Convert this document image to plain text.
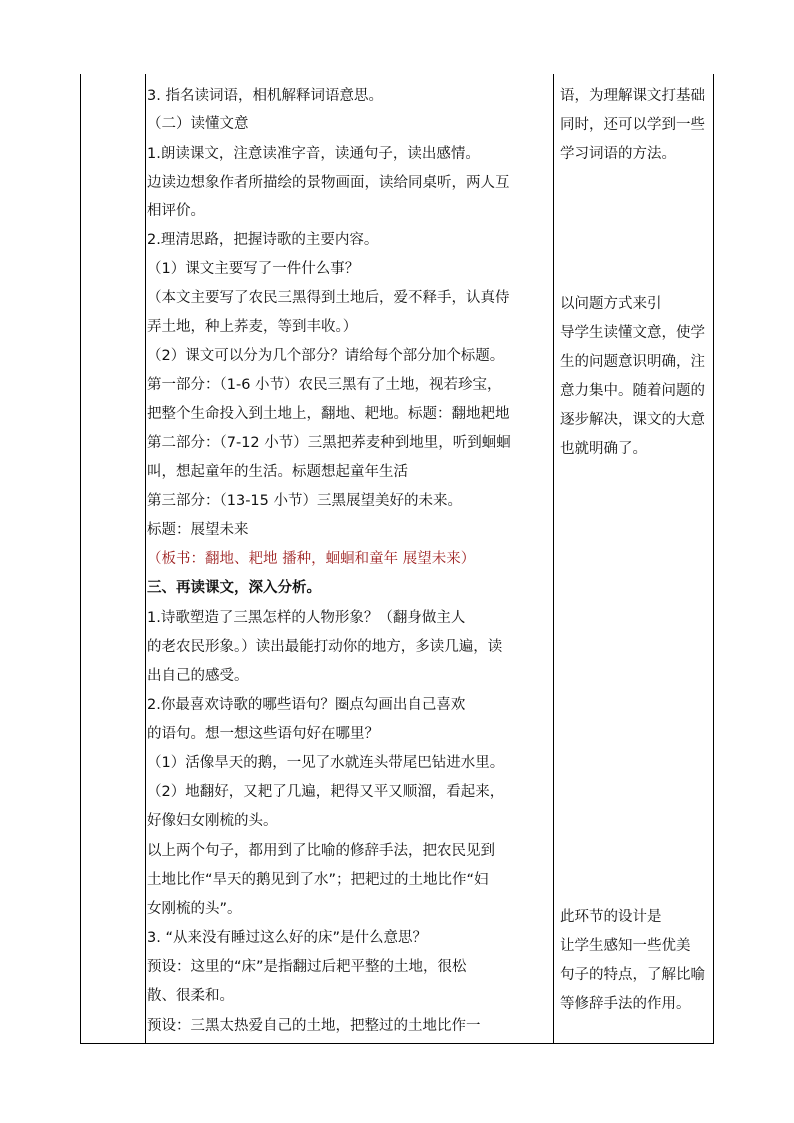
3. 指名读词语，相机解释词语意思。
（二）读懂文意
1.朗读课文，注意读准字音，读通句子，读出感情。
边读边想象作者所描绘的景物画面，读给同桌听，两人互
相评价。
2.理清思路，把握诗歌的主要内容。
（1）课文主要写了一件什么事？
（本文主要写了农民三黑得到土地后，爱不释手，认真侍
弄土地，种上荞麦，等到丰收。）
（2）课文可以分为几个部分？请给每个部分加个标题。
第一部分：（1-6 小节）农民三黑有了土地，视若珍宝，
把整个生命投入到土地上，翻地、耙地。标题：翻地耙地
第二部分：（7-12 小节）三黑把荞麦种到地里，听到蛔蛔
叫，想起童年的生活。标题想起童年生活
第三部分：（13-15 小节）三黑展望美好的未来。
标题：展望未来
（板书：翻地、耙地 播种，蛔蛔和童年 展望未来）
三、再读课文，深入分析。
1.诗歌塑造了三黑怎样的人物形象？（翻身做主人
的老农民形象。）读出最能打动你的地方，多读几遍，读
出自己的感受。
2.你最喜欢诗歌的哪些语句？圈点勾画出自己喜欢
的语句。想一想这些语句好在哪里？
（1）活像旱天的鹅，一见了水就连头带尾巴钻进水里。
（2）地翻好，又耙了几遍，耙得又平又顺溜，看起来，
好像妇女刚梳的头。
以上两个句子，都用到了比喻的修辞手法，把农民见到
土地比作“旱天的鹅见到了水”；把耙过的土地比作“妇
女刚梳的头”。
3. “从来没有睡过这么好的床”是什么意思？
预设：这里的“床”是指翻过后耙平整的土地，很松
散、很柔和。
预设：三黑太热爱自己的土地，把整过的土地比作一
语，为理解课文打基础
同时，还可以学到一些
学习词语的方法。
以问题方式来引
导学生读懂文意，使学
生的问题意识明确，注
意力集中。随着问题的
逐步解决，课文的大意
也就明确了。
此环节的设计是
让学生感知一些优美
句子的特点，了解比喻
等修辞手法的作用。
